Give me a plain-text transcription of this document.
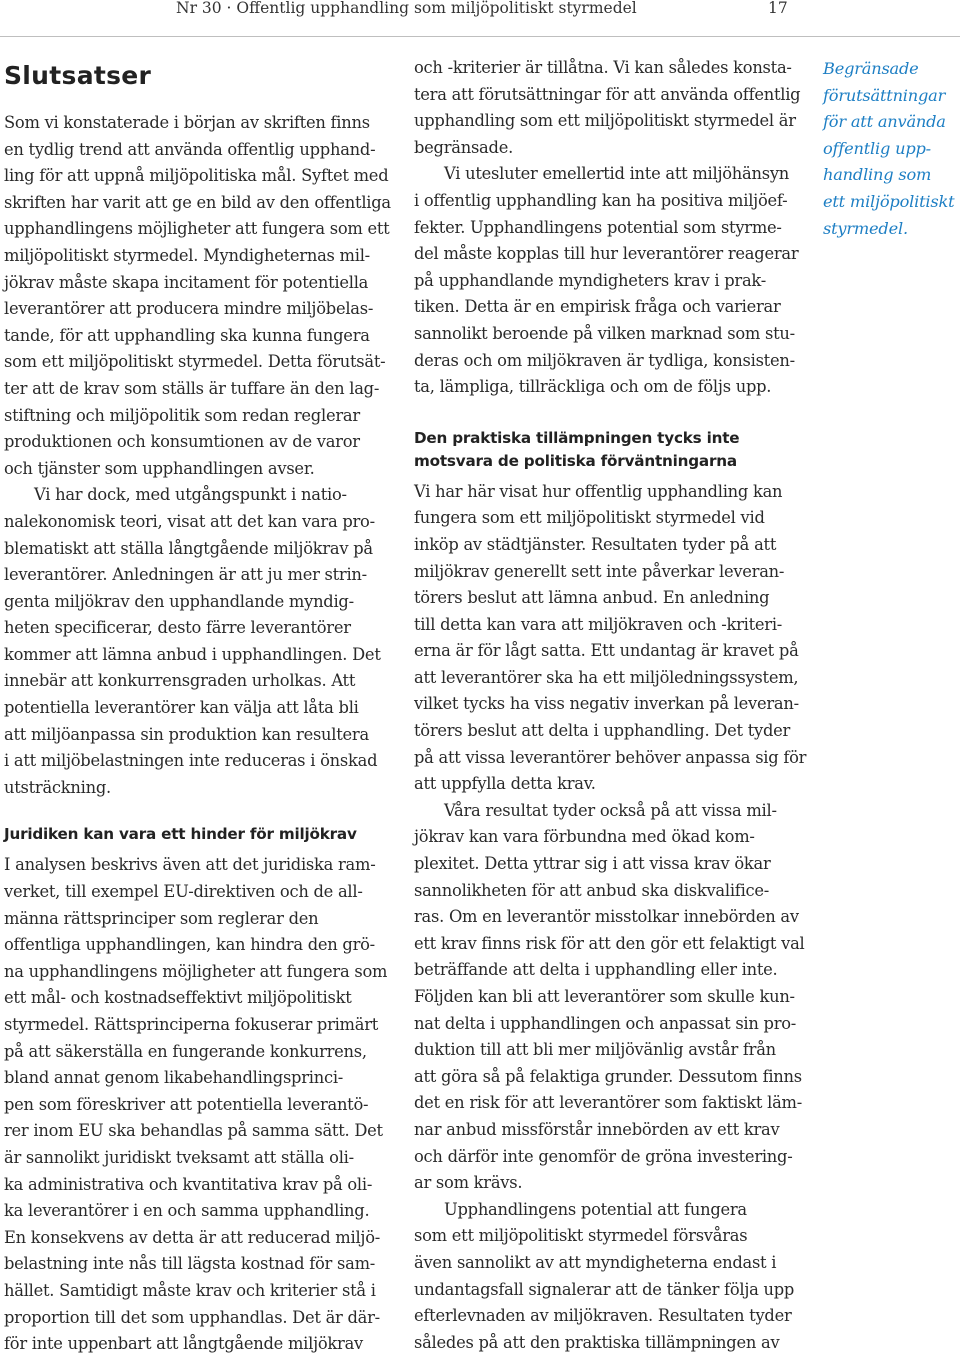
Nr 30 · Offentlig upphandling som miljöpolitiskt styrmedel	17
Slutsatser

Som vi konstaterade i början av skriften finns
en tydlig trend att använda offentlig upphand-
ling för att uppnå miljöpolitiska mål. Syftet med
skriften har varit att ge en bild av den offentliga
upphandlingens möjligheter att fungera som ett
miljöpolitiskt styrmedel. Myndigheternas mil-
jökrav måste skapa incitament för potentiella
leverantörer att producera mindre miljöbelas-
tande, för att upphandling ska kunna fungera
som ett miljöpolitiskt styrmedel. Detta förutsät-
ter att de krav som ställs är tuffare än den lag-
stiftning och miljöpolitik som redan reglerar
produktionen och konsumtionen av de varor
och tjänster som upphandlingen avser.

Vi har dock, med utgångspunkt i natio-
nalekonomisk teori, visat att det kan vara pro-
blematiskt att ställa långtgående miljökrav på
leverantörer. Anledningen är att ju mer strin-
genta miljökrav den upphandlande myndig-
heten specificerar, desto färre leverantörer
kommer att lämna anbud i upphandlingen. Det
innebär att konkurrensgraden urholkas. Att
potentiella leverantörer kan välja att låta bli
att miljöanpassa sin produktion kan resultera
i att miljöbelastningen inte reduceras i önskad
utsträckning.

Juridiken kan vara ett hinder för miljökrav

I analysen beskrivs även att det juridiska ram-
verket, till exempel EU-direktiven och de all-
männa rättsprinciper som reglerar den
offentliga upphandlingen, kan hindra den grö-
na upphandlingens möjligheter att fungera som
ett mål- och kostnadseffektivt miljöpolitiskt
styrmedel. Rättsprinciperna fokuserar primärt
på att säkerställa en fungerande konkurrens,
bland annat genom likabehandlingsprinci-
pen som föreskriver att potentiella leverantö-
rer inom EU ska behandlas på samma sätt. Det
är sannolikt juridiskt tveksamt att ställa oli-
ka administrativa och kvantitativa krav på oli-
ka leverantörer i en och samma upphandling.
En konsekvens av detta är att reducerad miljö-
belastning inte nås till lägsta kostnad för sam-
hället. Samtidigt måste krav och kriterier stå i
proportion till det som upphandlas. Det är där-
för inte uppenbart att långtgående miljökrav

och -kriterier är tillåtna. Vi kan således konsta-
tera att förutsättningar för att använda offentlig
upphandling som ett miljöpolitiskt styrmedel är
begränsade.

Vi utesluter emellertid inte att miljöhänsyn
i offentlig upphandling kan ha positiva miljöef-
fekter. Upphandlingens potential som styrme-
del måste kopplas till hur leverantörer reagerar
på upphandlande myndigheters krav i prak-
tiken. Detta är en empirisk fråga och varierar
sannolikt beroende på vilken marknad som stu-
deras och om miljökraven är tydliga, konsisten-
ta, lämpliga, tillräckliga och om de följs upp.

Den praktiska tillämpningen tycks inte
motsvara de politiska förväntningarna

Vi har här visat hur offentlig upphandling kan
fungera som ett miljöpolitiskt styrmedel vid
inköp av städtjänster. Resultaten tyder på att
miljökrav generellt sett inte påverkar leveran-
törers beslut att lämna anbud. En anledning
till detta kan vara att miljökraven och -kriteri-
erna är för lågt satta. Ett undantag är kravet på
att leverantörer ska ha ett miljöledningssystem,
vilket tycks ha viss negativ inverkan på leveran-
törers beslut att delta i upphandling. Det tyder
på att vissa leverantörer behöver anpassa sig för
att uppfylla detta krav.

Våra resultat tyder också på att vissa mil-
jökrav kan vara förbundna med ökad kom-
plexitet. Detta yttrar sig i att vissa krav ökar
sannolikheten för att anbud ska diskvalifice-
ras. Om en leverantör misstolkar innebörden av
ett krav finns risk för att den gör ett felaktigt val
beträffande att delta i upphandling eller inte.
Följden kan bli att leverantörer som skulle kun-
nat delta i upphandlingen och anpassat sin pro-
duktion till att bli mer miljövänlig avstår från
att göra så på felaktiga grunder. Dessutom finns
det en risk för att leverantörer som faktiskt läm-
nar anbud missförstår innebörden av ett krav
och därför inte genomför de gröna investering-
ar som krävs.

Upphandlingens potential att fungera
som ett miljöpolitiskt styrmedel försvåras
även sannolikt av att myndigheterna endast i
undantagsfall signalerar att de tänker följa upp
efterlevnaden av miljökraven. Resultaten tyder
således på att den praktiska tillämpningen av

Begränsade
förutsättningar
för att använda
offentlig upp-
handling som
ett miljöpolitiskt
styrmedel.
